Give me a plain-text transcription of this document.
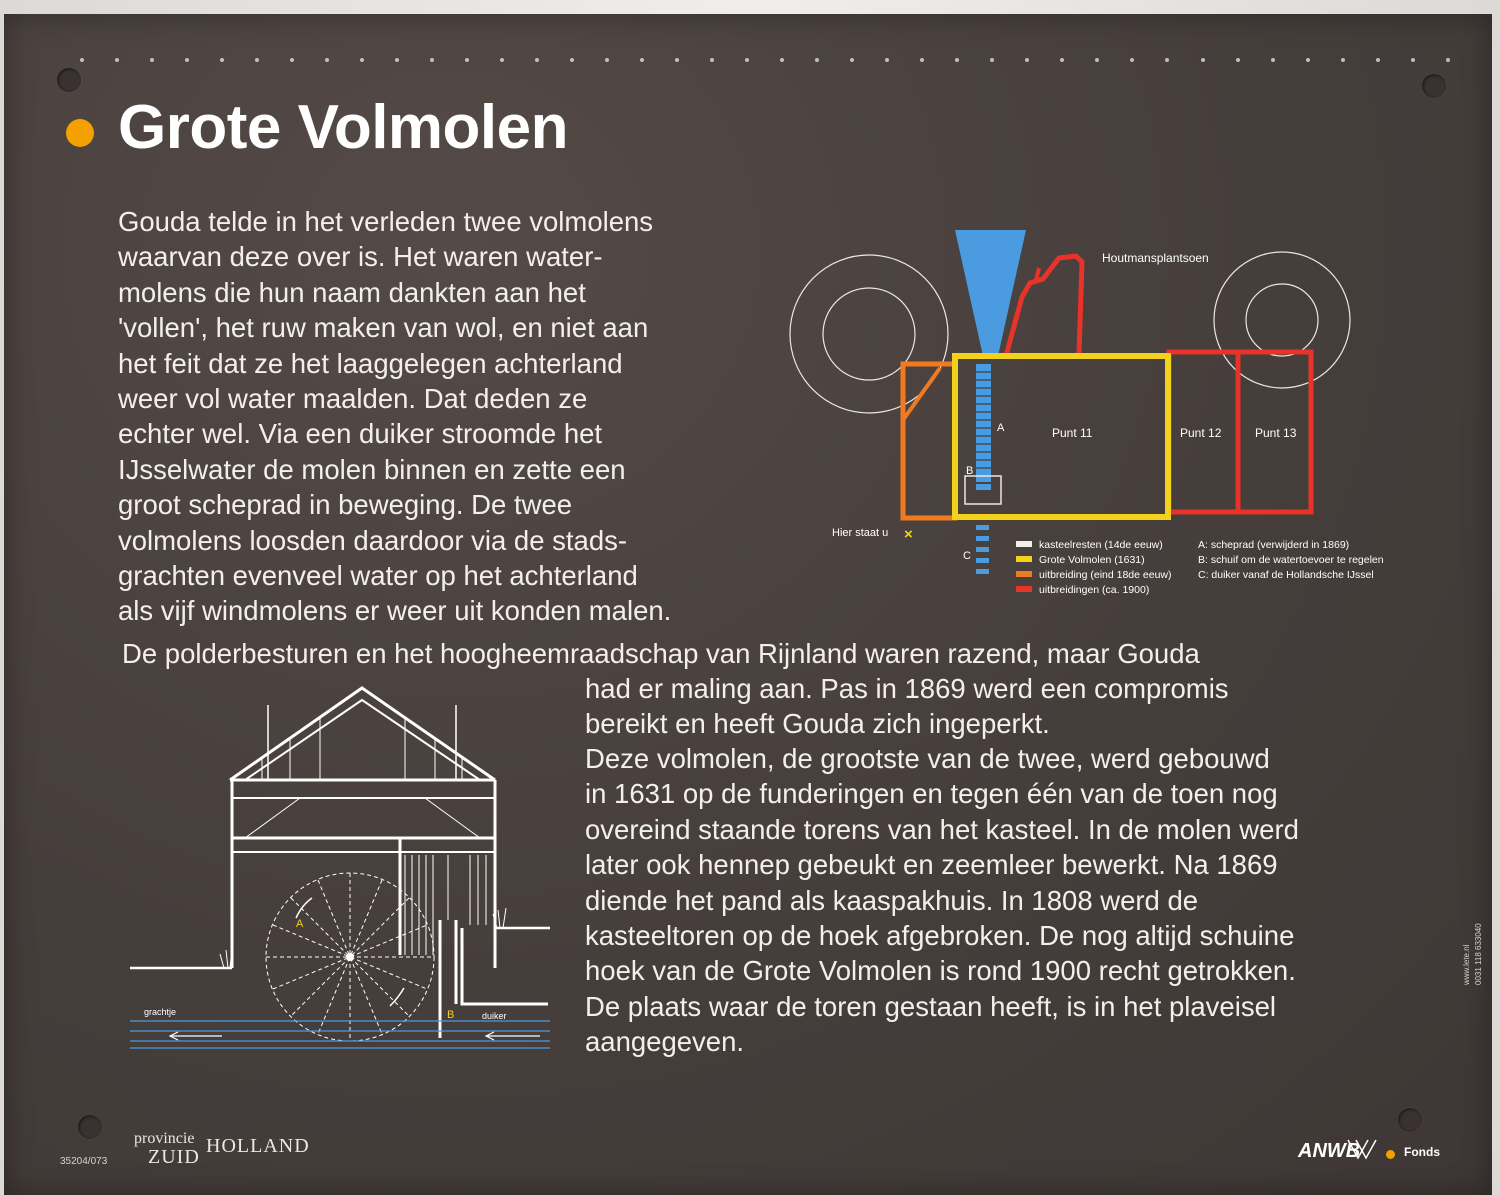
Grote Volmolen

Gouda telde in het verleden twee volmolens
waarvan deze over is. Het waren water-
molens die hun naam dankten aan het
'vollen', het ruw maken van wol, en niet aan
het feit dat ze het laaggelegen achterland
weer vol water maalden. Dat deden ze
echter wel. Via een duiker stroomde het
IJsselwater de molen binnen en zette een
groot scheprad in beweging. De twee
volmolens loosden daardoor via de stads-
grachten evenveel water op het achterland
als vijf windmolens er weer uit konden malen.

De polderbesturen en het hoogheemraadschap van Rijnland waren razend, maar Gouda

had er maling aan. Pas in 1869 werd een compromis
bereikt en heeft Gouda zich ingeperkt.

Deze volmolen, de grootste van de twee, werd gebouwd
in 1631 op de funderingen en tegen één van de toen nog
overeind staande torens van het kasteel. In de molen werd
later ook hennep gebeukt en zeemleer bewerkt. Na 1869
diende het pand als kaaspakhuis. In 1808 werd de
kasteeltoren op de hoek afgebroken. De nog altijd schuine
hoek van de Grote Volmolen is rond 1900 recht getrokken.
De plaats waar de toren gestaan heeft, is in het plaveisel
aangegeven.

Houtmansplantsoen
Punt 11	Punt 12	Punt 13
A
B
C
Hier staat u ×
kasteelresten (14de eeuw)
Grote Volmolen (1631)
uitbreiding (eind 18de eeuw)
uitbreidingen (ca. 1900)
A: scheprad (verwijderd in 1869)
B: schuif om de watertoevoer te regelen
C: duiker vanaf de Hollandsche IJssel
A
B
grachtje	duiker
provincie
ZUID HOLLAND
35204/073	ANWB	Fonds
www.lete.nl 0031 118 633040
